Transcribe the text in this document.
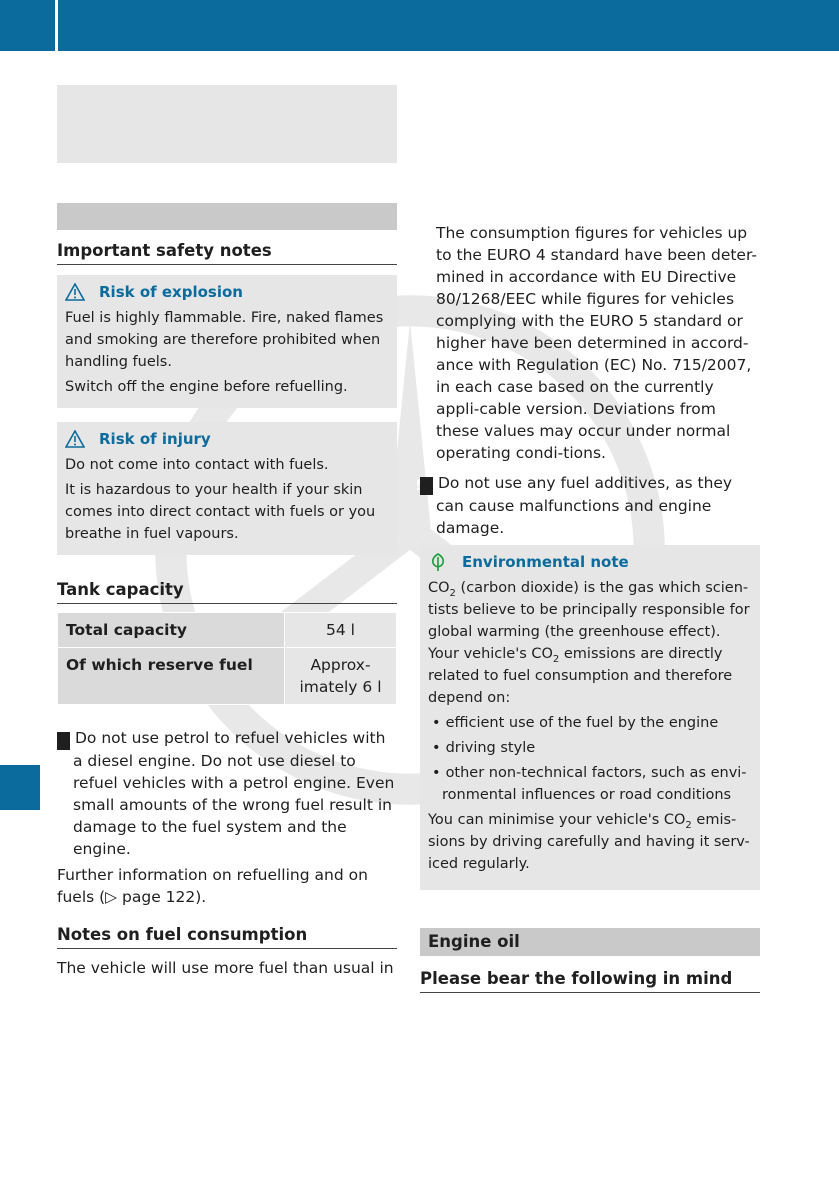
Important safety notes
Risk of explosion

Fuel is highly flammable. Fire, naked flames and smoking are therefore prohibited when handling fuels.

Switch off the engine before refuelling.

Risk of injury

Do not come into contact with fuels.

It is hazardous to your health if your skin comes into direct contact with fuels or you breathe in fuel vapours.

Tank capacity
Total capacity	54 l
Of which reserve fuel	Approx-imately 6 l

! Do not use petrol to refuel vehicles with a diesel engine. Do not use diesel to refuel vehicles with a petrol engine. Even small amounts of the wrong fuel result in damage to the fuel system and the engine.

Further information on refuelling and on fuels (▷ page 122).

Notes on fuel consumption

The vehicle will use more fuel than usual in

The consumption figures for vehicles up to the EURO 4 standard have been deter-mined in accordance with EU Directive 80/1268/EEC while figures for vehicles complying with the EURO 5 standard or higher have been determined in accord-ance with Regulation (EC) No. 715/2007, in each case based on the currently appli-cable version. Deviations from these values may occur under normal operating condi-tions.

! Do not use any fuel additives, as they can cause malfunctions and engine damage.

Environmental note

$CO_2$ (carbon dioxide) is the gas which scien-tists believe to be principally responsible for global warming (the greenhouse effect). Your vehicle's $CO_2$ emissions are directly related to fuel consumption and therefore depend on:

• efficient use of the fuel by the engine
• driving style
• other non-technical factors, such as envi-ronmental influences or road conditions

You can minimise your vehicle's $CO_2$ emis-sions by driving carefully and having it serv-iced regularly.

Engine oil
Please bear the following in mind
